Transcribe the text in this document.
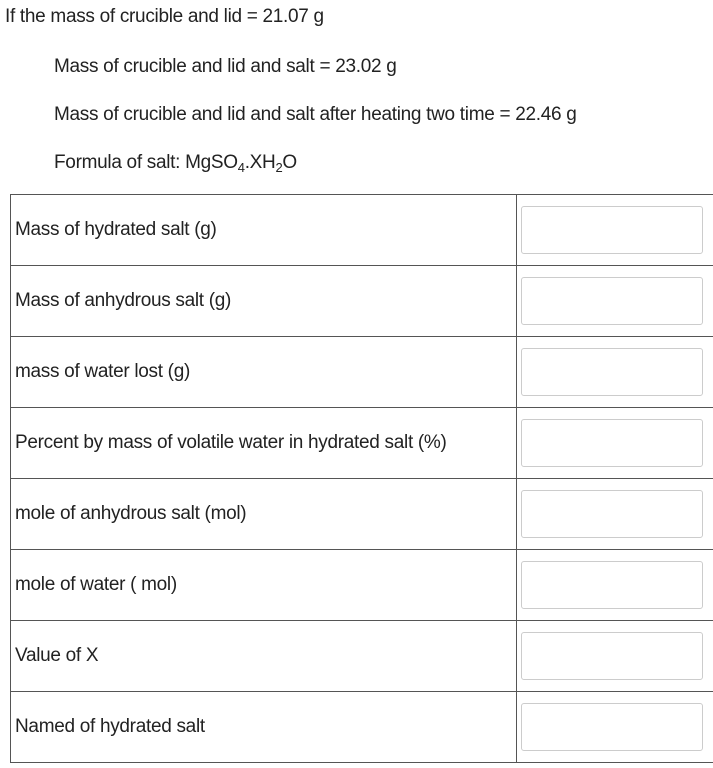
If the mass of crucible and lid = 21.07 g
Mass of crucible and lid and salt = 23.02 g
Mass of crucible and lid and salt after heating two time = 22.46 g
Formula of salt: $MgSO_4.XH_2O$
Mass of hydrated salt (g)	
Mass of anhydrous salt (g)	
mass of water lost (g)	
Percent by mass of volatile water in hydrated salt (%)	
mole of anhydrous salt (mol)	
mole of water ( mol)	
Value of X	
Named of hydrated salt	
